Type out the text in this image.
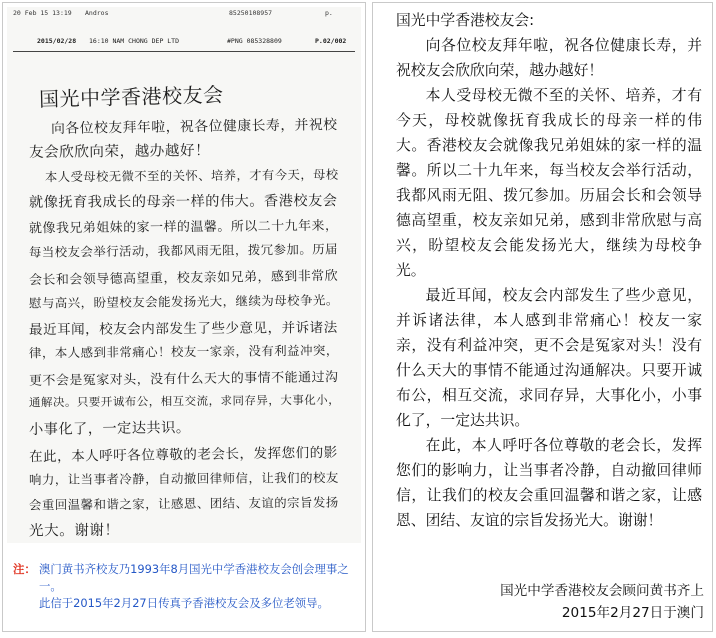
20 Feb 15 13:19 Andros	85250108957	p.
2015/02/28 16:10 NAM CHONG DEP LTD	#PNG 085328809	P.02/002
国光中学香港校友会
向各位校友拜年啦，祝各位健康长寿，并祝校
友会欣欣向荣，越办越好！
本人受母校无微不至的关怀、培养，才有今天，母校
就像抚育我成长的母亲一样的伟大。香港校友会
就像我兄弟姐妹的家一样的温馨。所以二十九年来，
每当校友会举行活动，我都风雨无阻，拨冗参加。历届
会长和会领导德高望重，校友亲如兄弟，感到非常欣
慰与高兴，盼望校友会能发扬光大，继续为母校争光。
最近耳闻，校友会内部发生了些少意见，并诉诸法
律，本人感到非常痛心！校友一家亲，没有利益冲突，
更不会是冤家对头，没有什么天大的事情不能通过沟
通解决。只要开诚布公，相互交流，求同存异，大事化小，
小事化了，一定达共识。
在此，本人呼吁各位尊敬的老会长，发挥您们的影
响力，让当事者冷静，自动撤回律师信，让我们的校友
会重回温馨和谐之家，让感恩、团结、友谊的宗旨发扬
光大。谢谢！
注： 澳门黄书齐校友乃1993年8月国光中学香港校友会创会理事之一。
此信于2015年2月27日传真予香港校友会及多位老领导。

国光中学香港校友会:

向各位校友拜年啦，祝各位健康长寿，并祝校友会欣欣向荣，越办越好！

本人受母校无微不至的关怀、培养，才有今天，母校就像抚育我成长的母亲一样的伟大。香港校友会就像我兄弟姐妹的家一样的温馨。所以二十九年来，每当校友会举行活动，我都风雨无阻、拨冗参加。历届会长和会领导德高望重，校友亲如兄弟，感到非常欣慰与高兴，盼望校友会能发扬光大，继续为母校争光。

最近耳闻，校友会内部发生了些少意见，并诉诸法律，本人感到非常痛心！校友一家亲，没有利益冲突，更不会是冤家对头！没有什么天大的事情不能通过沟通解决。只要开诚布公，相互交流，求同存异，大事化小，小事化了，一定达共识。

在此，本人呼吁各位尊敬的老会长，发挥您们的影响力，让当事者冷静，自动撤回律师信，让我们的校友会重回温馨和谐之家，让感恩、团结、友谊的宗旨发扬光大。谢谢！

国光中学香港校友会顾问黄书齐上
2015年2月27日于澳门
